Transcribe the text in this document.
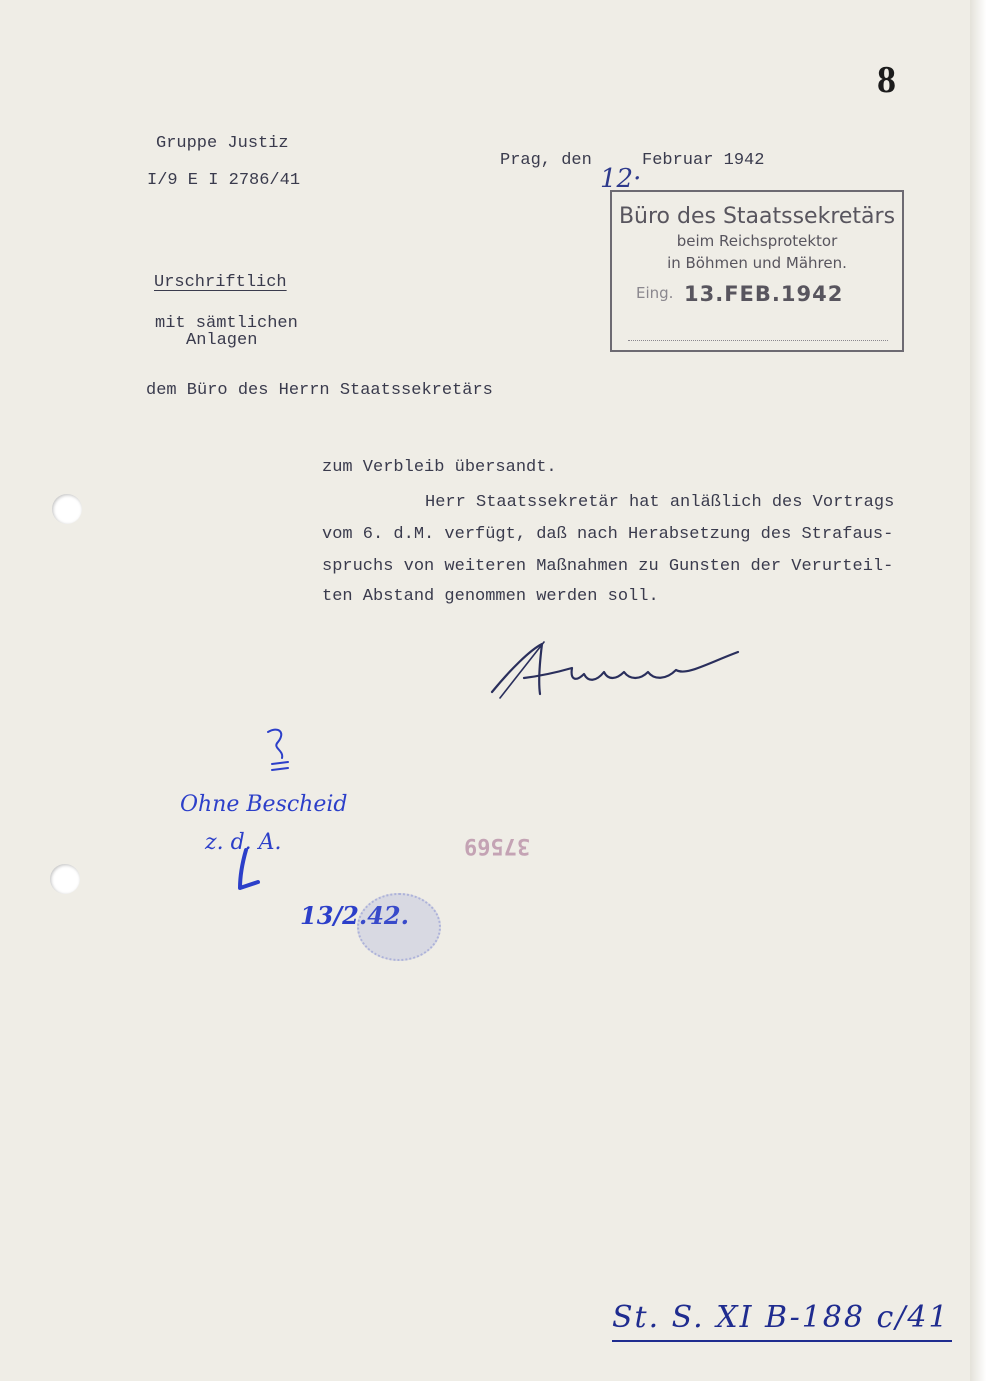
8

Gruppe Justiz

I/9 E I 2786/41

Prag, den

12·

Februar 1942

Büro des Staatssekretärs
beim Reichsprotektor
in Böhmen und Mähren.
Eing. 13.FEB.1942

Urschriftlich

mit sämtlichen

Anlagen

dem Büro des Herrn Staatssekretärs

zum Verbleib übersandt.

Herr Staatssekretär hat anläßlich des Vortrags

vom 6. d.M. verfügt, daß nach Herabsetzung des Strafaus-

spruchs von weiteren Maßnahmen zu Gunsten der Verurteil-

ten Abstand genommen werden soll.

Ohne Bescheid

z. d. A.

13/2.42.

37569

St. S. XI B-188 c/41
